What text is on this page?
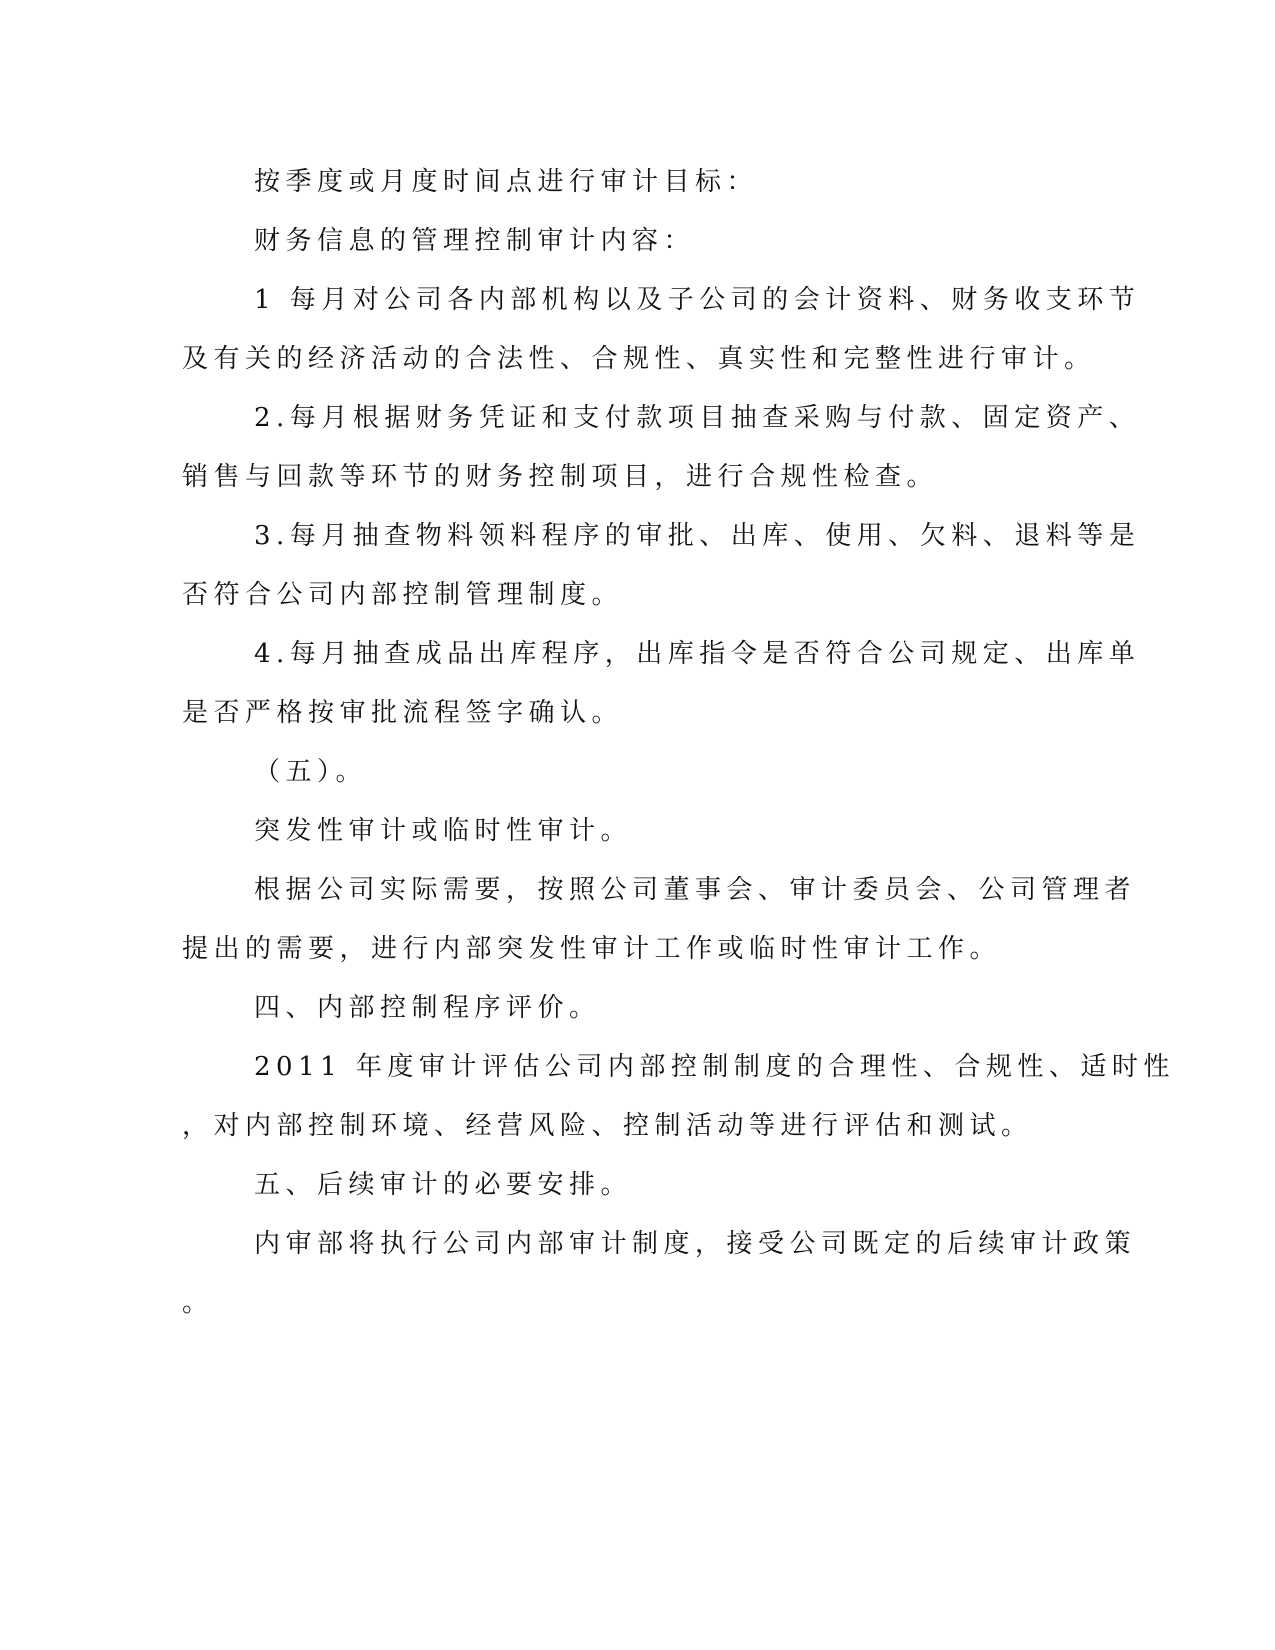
按季度或月度时间点进行审计目标：
财务信息的管理控制审计内容：
1 每月对公司各内部机构以及子公司的会计资料、财务收支环节
及有关的经济活动的合法性、合规性、真实性和完整性进行审计。
2.每月根据财务凭证和支付款项目抽查采购与付款、固定资产、
销售与回款等环节的财务控制项目，进行合规性检查。
3.每月抽查物料领料程序的审批、出库、使用、欠料、退料等是
否符合公司内部控制管理制度。
4.每月抽查成品出库程序，出库指令是否符合公司规定、出库单
是否严格按审批流程签字确认。
（五）。
突发性审计或临时性审计。
根据公司实际需要，按照公司董事会、审计委员会、公司管理者
提出的需要，进行内部突发性审计工作或临时性审计工作。
四、内部控制程序评价。
2011 年度审计评估公司内部控制制度的合理性、合规性、适时性
，对内部控制环境、经营风险、控制活动等进行评估和测试。
五、后续审计的必要安排。
内审部将执行公司内部审计制度，接受公司既定的后续审计政策
。
